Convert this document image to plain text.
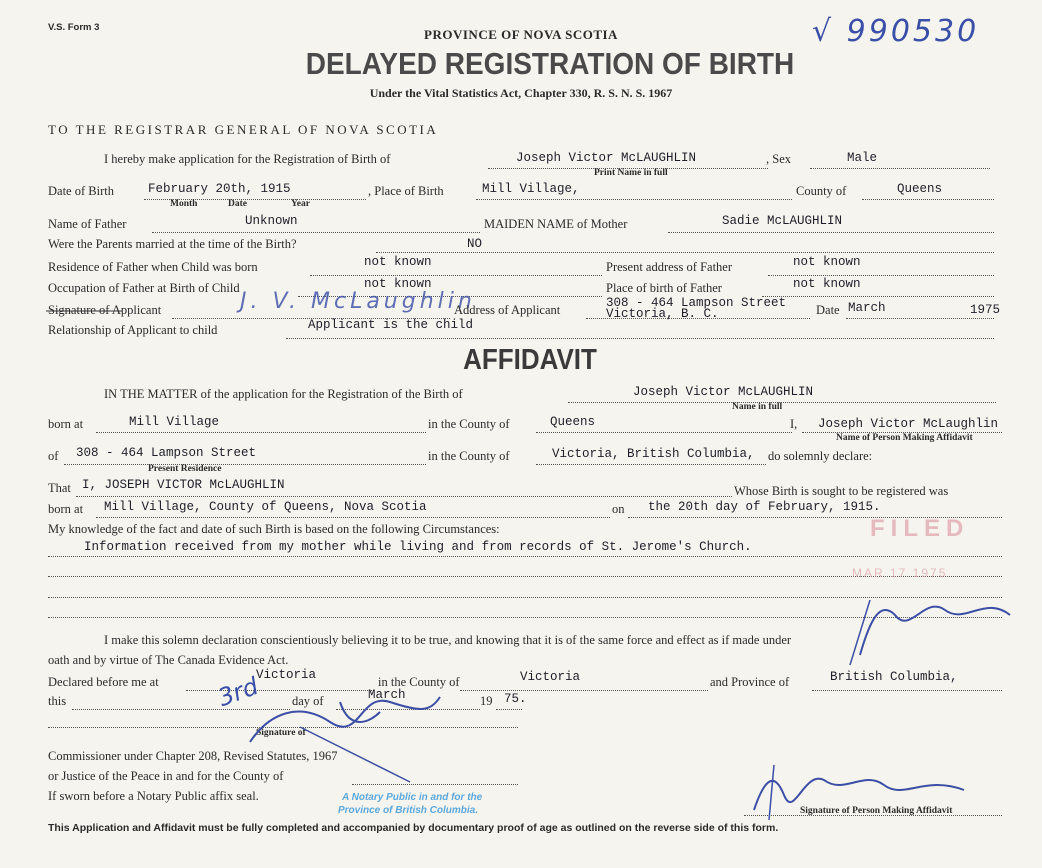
V.S. Form 3	PROVINCE OF NOVA SCOTIA
DELAYED REGISTRATION OF BIRTH
Under the Vital Statistics Act, Chapter 330, R. S. N. S. 1967
√ 990530
TO THE REGISTRAR GENERAL OF NOVA SCOTIA
I hereby make application for the Registration of Birth of	Joseph Victor McLAUGHLIN	, Sex	Male
Print Name in full
Date of Birth	February 20th, 1915	, Place of Birth	Mill Village,	County of	Queens
Month	Date	Year
Name of Father	Unknown	MAIDEN NAME of Mother	Sadie McLAUGHLIN
Were the Parents married at the time of the Birth?	NO
Residence of Father when Child was born	not known	Present address of Father	not known
Occupation of Father at Birth of Child	not known	Place of birth of Father	not known
Signature of Applicant	J. V. McLaughlin
Address of Applicant	308 - 464 Lampson Street
Victoria, B. C.	Date March	1975
Relationship of Applicant to child	Applicant is the child
AFFIDAVIT
IN THE MATTER of the application for the Registration of the Birth of	Joseph Victor McLAUGHLIN
Name in full
born at	Mill Village	in the County of	Queens	I, Joseph Victor McLaughlin
Name of Person Making Affidavit
of 308 - 464 Lampson Street
Present Residence
in the County of	Victoria, British Columbia, do solemnly declare:
That I, JOSEPH VICTOR McLAUGHLIN	Whose Birth is sought to be registered was
born at Mill Village, County of Queens, Nova Scotia	on the 20th day of February, 1915.
My knowledge of the fact and date of such Birth is based on the following Circumstances:
Information received from my mother while living and from records of St. Jerome's Church.
I make this solemn declaration conscientiously believing it to be true, and knowing that it is of the same force and effect as if made under
oath and by virtue of The Canada Evidence Act.
Declared before me at	Victoria	in the County of	Victoria	and Province of	British Columbia,
this	3rd day of	March	19 75.
Signature of
Commissioner under Chapter 208, Revised Statutes, 1967
or Justice of the Peace in and for the County of
If sworn before a Notary Public affix seal.	A Notary Public in and for the
Province of British Columbia.	Signature of Person Making Affidavit
FILED
MAR 17 1975
This Application and Affidavit must be fully completed and accompanied by documentary proof of age as outlined on the reverse side of this form.
